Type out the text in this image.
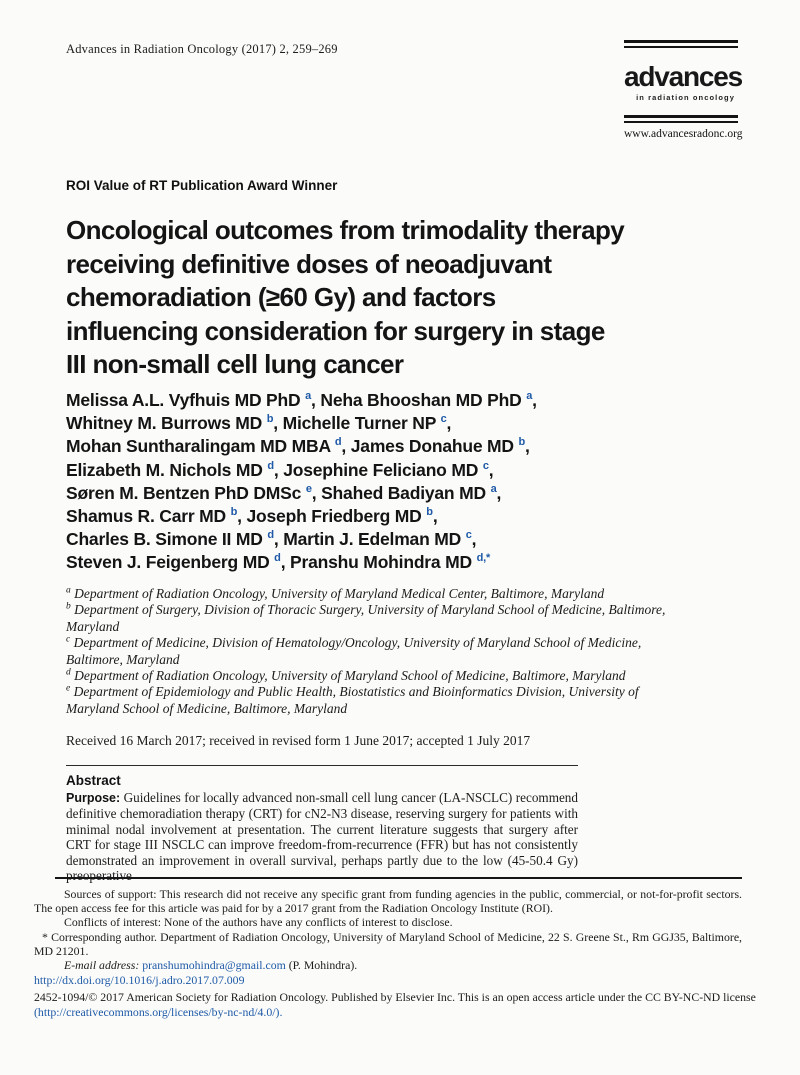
Advances in Radiation Oncology (2017) 2, 259–269
advances
in radiation oncology
www.advancesradonc.org
ROI Value of RT Publication Award Winner
Oncological outcomes from trimodality therapy
receiving definitive doses of neoadjuvant
chemoradiation (≥60 Gy) and factors
influencing consideration for surgery in stage
III non-small cell lung cancer
Melissa A.L. Vyfhuis MD PhD $^a$, Neha Bhooshan MD PhD $^a$,
Whitney M. Burrows MD $^b$, Michelle Turner NP $^c$,
Mohan Suntharalingam MD MBA $^d$, James Donahue MD $^b$,
Elizabeth M. Nichols MD $^d$, Josephine Feliciano MD $^c$,
Søren M. Bentzen PhD DMSc $^e$, Shahed Badiyan MD $^a$,
Shamus R. Carr MD $^b$, Joseph Friedberg MD $^b$,
Charles B. Simone II MD $^d$, Martin J. Edelman MD $^c$,
Steven J. Feigenberg MD $^d$, Pranshu Mohindra MD $^{d,*}$
$^a$ Department of Radiation Oncology, University of Maryland Medical Center, Baltimore, Maryland
$^b$ Department of Surgery, Division of Thoracic Surgery, University of Maryland School of Medicine, Baltimore, Maryland
$^c$ Department of Medicine, Division of Hematology/Oncology, University of Maryland School of Medicine, Baltimore, Maryland
$^d$ Department of Radiation Oncology, University of Maryland School of Medicine, Baltimore, Maryland
$^e$ Department of Epidemiology and Public Health, Biostatistics and Bioinformatics Division, University of Maryland School of Medicine, Baltimore, Maryland
Received 16 March 2017; received in revised form 1 June 2017; accepted 1 July 2017
Abstract
Purpose: Guidelines for locally advanced non-small cell lung cancer (LA-NSCLC) recommend definitive chemoradiation therapy (CRT) for cN2-N3 disease, reserving surgery for patients with minimal nodal involvement at presentation. The current literature suggests that surgery after CRT for stage III NSCLC can improve freedom-from-recurrence (FFR) but has not consistently demonstrated an improvement in overall survival, perhaps partly due to the low (45-50.4 Gy) preoperative

Sources of support: This research did not receive any specific grant from funding agencies in the public, commercial, or not-for-profit sectors. The open access fee for this article was paid for by a 2017 grant from the Radiation Oncology Institute (ROI).

Conflicts of interest: None of the authors have any conflicts of interest to disclose.

* Corresponding author. Department of Radiation Oncology, University of Maryland School of Medicine, 22 S. Greene St., Rm GGJ35, Baltimore, MD 21201.

E-mail address: pranshumohindra@gmail.com (P. Mohindra).

http://dx.doi.org/10.1016/j.adro.2017.07.009
2452-1094/© 2017 American Society for Radiation Oncology. Published by Elsevier Inc. This is an open access article under the CC BY-NC-ND license
(http://creativecommons.org/licenses/by-nc-nd/4.0/).
